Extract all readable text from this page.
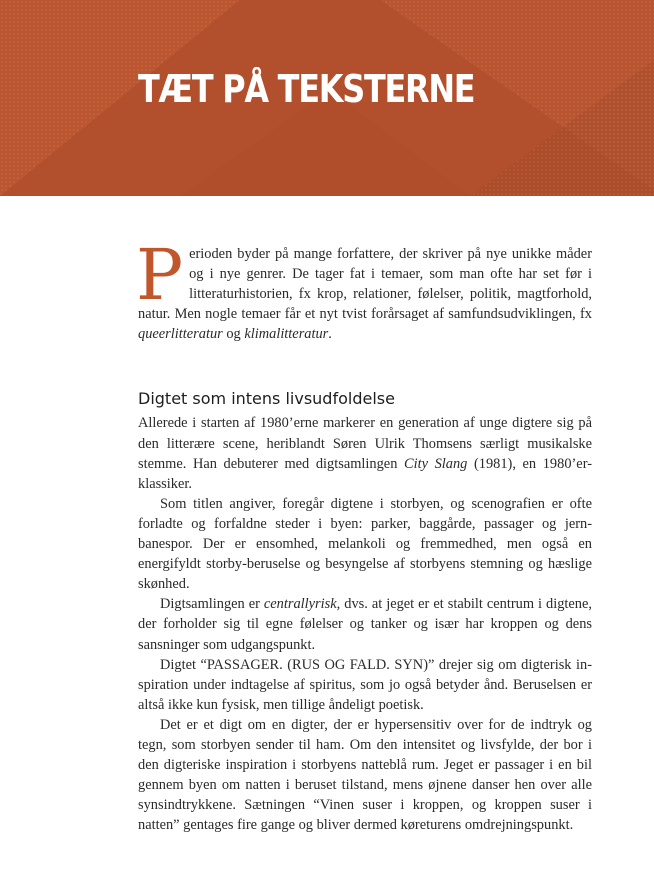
TÆT PÅ TEKSTERNE

Perioden byder på mange forfattere, der skriver på nye unikke måder og i nye genrer. De tager fat i temaer, som man ofte har set før i litteraturhistorien, fx krop, relationer, følelser, politik, magtforhold, natur. Men nogle temaer får et nyt tvist forårsaget af samfundsudviklingen, fx queerlitteratur og klimalitteratur.

Digtet som intens livsudfoldelse

Allerede i starten af 1980’erne markerer en generation af unge digtere sig på den litterære scene, heriblandt Søren Ulrik Thomsens særligt musikalske stemme. Han debuterer med digtsamlingen City Slang (1981), en 1980’er-klassiker.

Som titlen angiver, foregår digtene i storbyen, og scenografien er ofte forladte og forfaldne steder i byen: parker, baggårde, passager og jernbanespor. Der er ensomhed, melankoli og fremmedhed, men også en energifyldt storby-beruselse og besyngelse af storbyens stemning og hæslige skønhed.

Digtsamlingen er centrallyrisk, dvs. at jeget er et stabilt centrum i digtene, der forholder sig til egne følelser og tanker og især har kroppen og dens sansninger som udgangspunkt.

Digtet “PASSAGER. (RUS OG FALD. SYN)” drejer sig om digterisk inspiration under indtagelse af spiritus, som jo også betyder ånd. Beruselsen er altså ikke kun fysisk, men tillige åndeligt poetisk.

Det er et digt om en digter, der er hypersensitiv over for de indtryk og tegn, som storbyen sender til ham. Om den intensitet og livsfylde, der bor i den digteriske inspiration i storbyens natteblå rum. Jeget er passager i en bil gennem byen om natten i beruset tilstand, mens øjnene danser hen over alle synsindtrykkene. Sætningen “Vinen suser i kroppen, og kroppen suser i natten” gentages fire gange og bliver dermed køreturens omdrejningspunkt.
